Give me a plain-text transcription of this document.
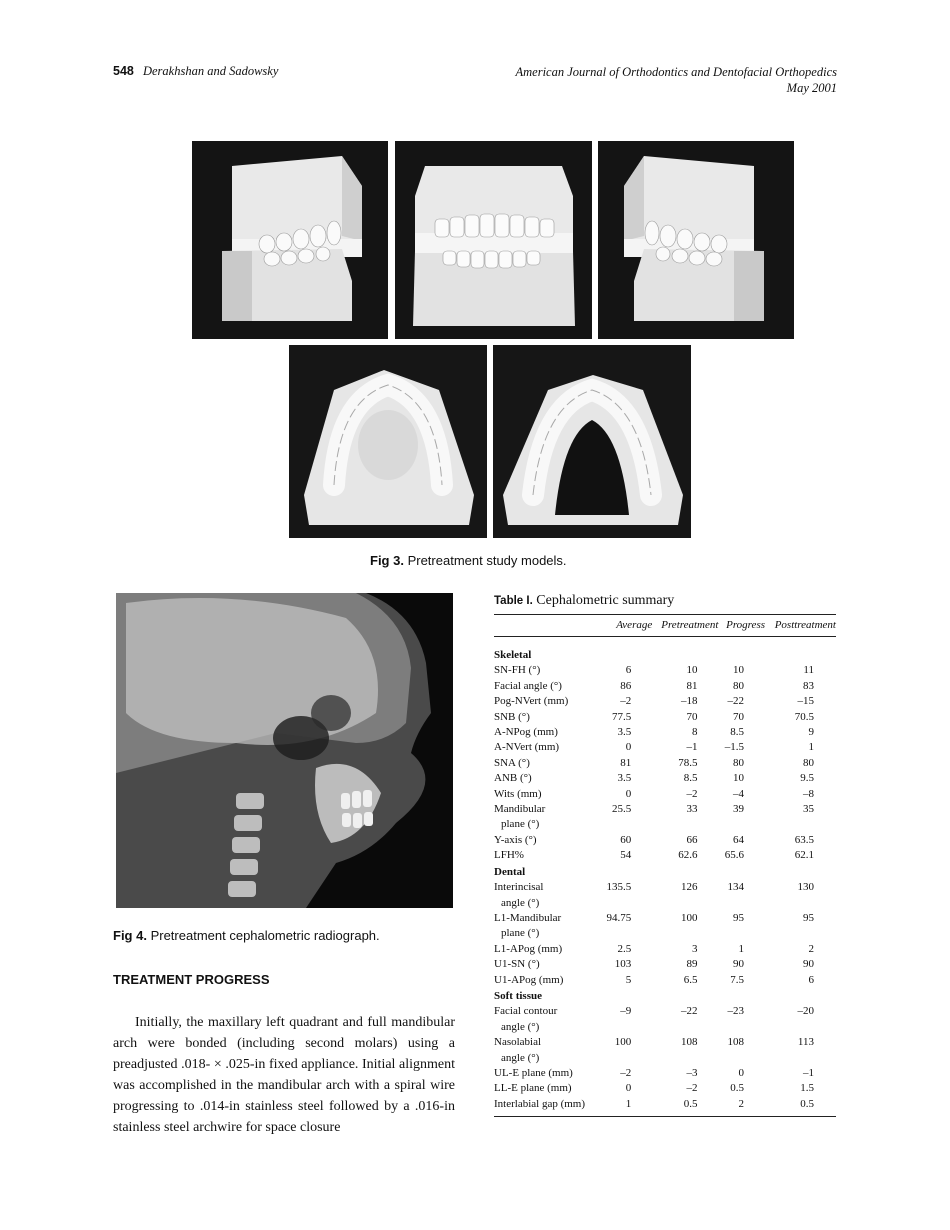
548 Derakhshan and Sadowsky	American Journal of Orthodontics and Dentofacial Orthopedics
May 2001
Fig 3. Pretreatment study models.
Fig 4. Pretreatment cephalometric radiograph.
Table I. Cephalometric summary
	Average	Pretreatment	Progress	Posttreatment

Skeletal				

SN-FH (°)	6	10	10	11

Facial angle (°)	86	81	80	83

Pog-NVert (mm)	–2	–18	–22	–15

SNB (°)	77.5	70	70	70.5

A-NPog (mm)	3.5	8	8.5	9

A-NVert (mm)	0	–1	–1.5	1

SNA (°)	81	78.5	80	80

ANB (°)	3.5	8.5	10	9.5

Wits (mm)	0	–2	–4	–8

Mandibular
plane (°)	25.5	33	39	35

Y-axis (°)	60	66	64	63.5

LFH%	54	62.6	65.6	62.1
Dental				

Interincisal
angle (°)	135.5	126	134	130

L1-Mandibular
plane (°)	94.75	100	95	95

L1-APog (mm)	2.5	3	1	2

U1-SN (°)	103	89	90	90

U1-APog (mm)	5	6.5	7.5	6
Soft tissue				

Facial contour
angle (°)	–9	–22	–23	–20

Nasolabial
angle (°)	100	108	108	113

UL-E plane (mm)	–2	–3	0	–1

LL-E plane (mm)	0	–2	0.5	1.5

Interlabial gap (mm)	1	0.5	2	0.5
TREATMENT PROGRESS

Initially, the maxillary left quadrant and full mandibular arch were bonded (including second molars) using a preadjusted .018- × .025-in fixed appliance. Initial alignment was accomplished in the mandibular arch with a spiral wire progressing to .014-in stainless steel followed by a .016-in stainless steel archwire for space closure
